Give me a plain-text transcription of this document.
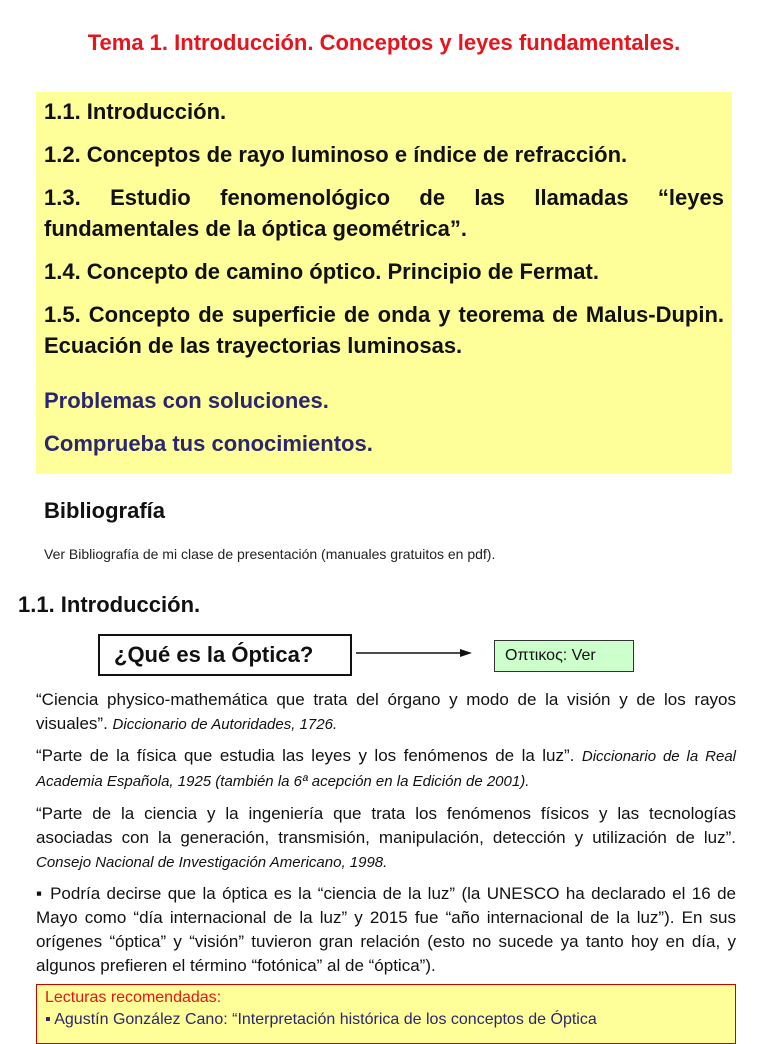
Tema 1. Introducción. Conceptos y leyes fundamentales.

1.1. Introducción.

1.2. Conceptos de rayo luminoso e índice de refracción.

1.3. Estudio fenomenológico de las llamadas “leyes fundamentales de la óptica geométrica”.

1.4. Concepto de camino óptico. Principio de Fermat.

1.5. Concepto de superficie de onda y teorema de Malus-Dupin. Ecuación de las trayectorias luminosas.

Problemas con soluciones.
Comprueba tus conocimientos.
Bibliografía

Ver Bibliografía de mi clase de presentación (manuales gratuitos en pdf).

1.1. Introducción.
¿Qué es la Óptica?	Οπτικος: Ver

“Ciencia physico-mathemática que trata del órgano y modo de la visión y de los rayos visuales”. Diccionario de Autoridades, 1726.

“Parte de la física que estudia las leyes y los fenómenos de la luz”. Diccionario de la Real Academia Española, 1925 (también la 6ª acepción en la Edición de 2001).

“Parte de la ciencia y la ingeniería que trata los fenómenos físicos y las tecnologías asociadas con la generación, transmisión, manipulación, detección y utilización de luz”. Consejo Nacional de Investigación Americano, 1998.

▪ Podría decirse que la óptica es la “ciencia de la luz” (la UNESCO ha declarado el 16 de Mayo como “día internacional de la luz” y 2015 fue “año internacional de la luz”). En sus orígenes “óptica” y “visión” tuvieron gran relación (esto no sucede ya tanto hoy en día, y algunos prefieren el término “fotónica” al de “óptica”).

Lecturas recomendadas:

▪ Agustín González Cano: “Interpretación histórica de los conceptos de Óptica
